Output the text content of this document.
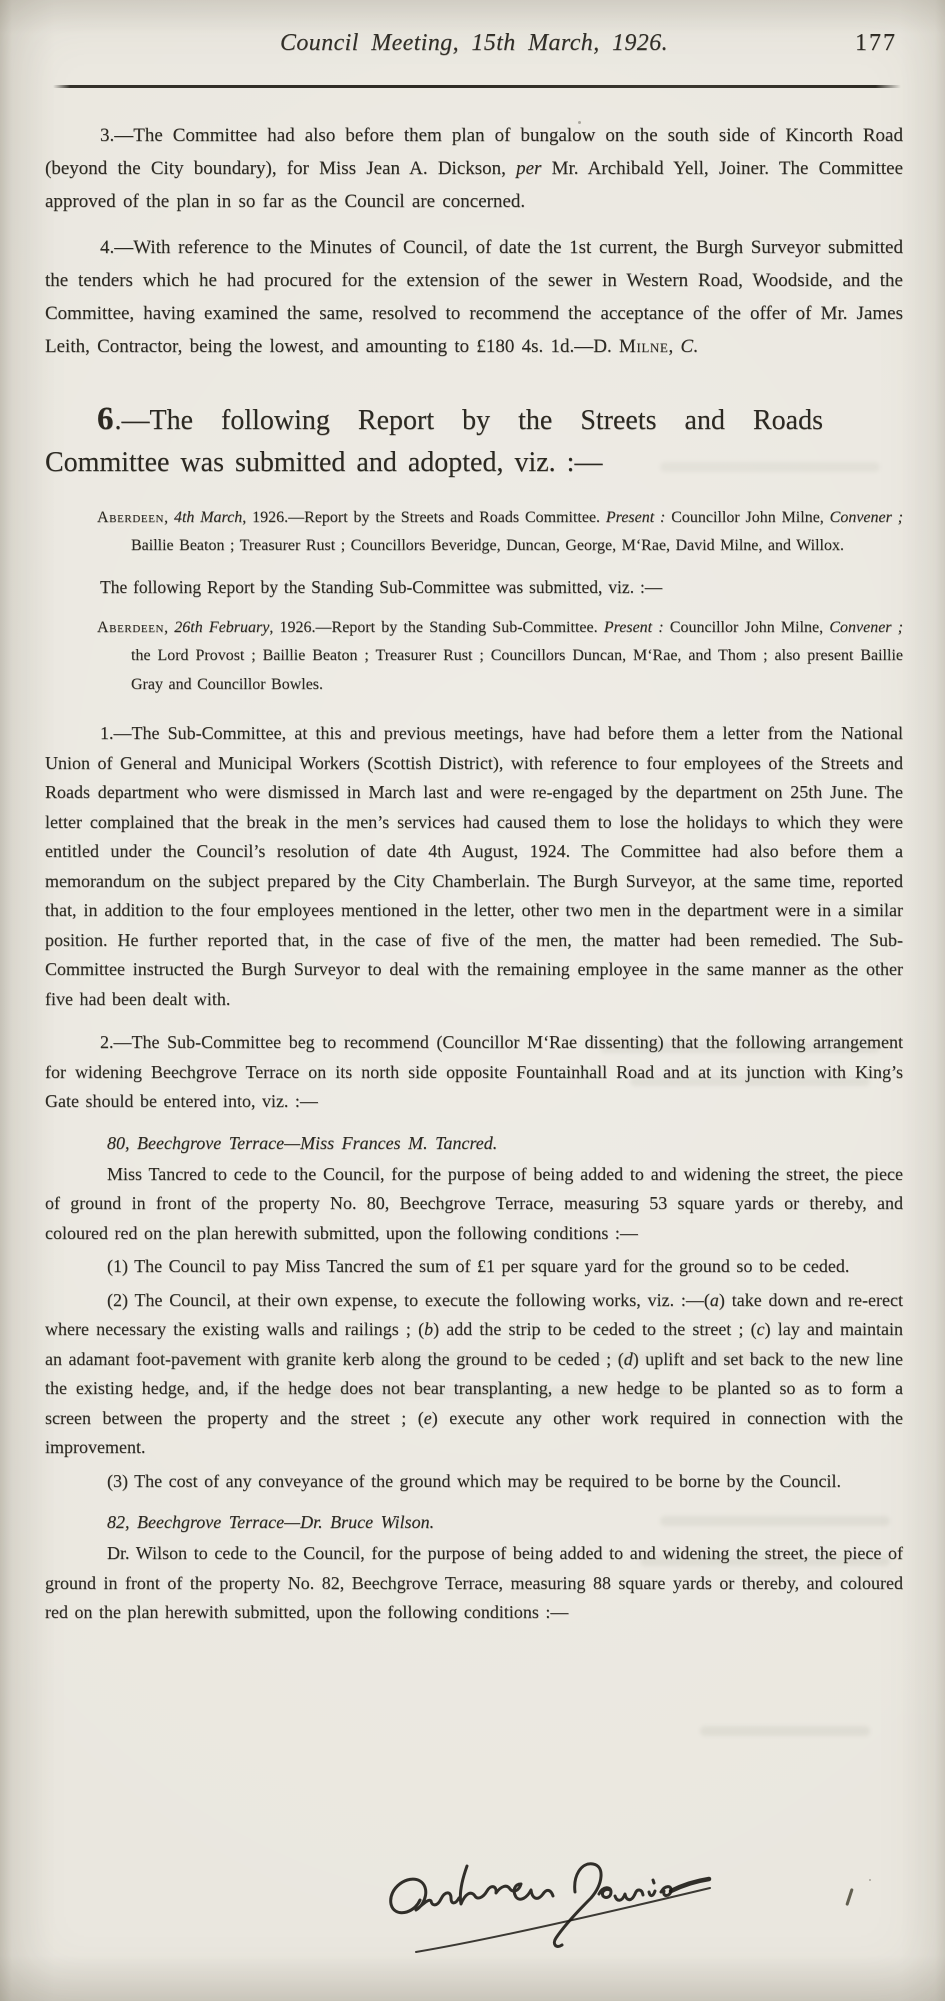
Council Meeting, 15th March, 1926.	177

3.—The Committee had also before them plan of bungalow on the south side of Kincorth Road (beyond the City boundary), for Miss Jean A. Dickson, per Mr. Archibald Yell, Joiner. The Committee approved of the plan in so far as the Council are concerned.

4.—With reference to the Minutes of Council, of date the 1st current, the Burgh Surveyor submitted the tenders which he had procured for the extension of the sewer in Western Road, Woodside, and the Committee, having examined the same, resolved to recommend the acceptance of the offer of Mr. James Leith, Contractor, being the lowest, and amounting to £180 4s. 1d.—D. Milne, C.

6.—The following Report by the Streets and Roads
Committee was submitted and adopted, viz. :—

Aberdeen, 4th March, 1926.—Report by the Streets and Roads Committee. Present : Councillor John Milne, Convener ; Baillie Beaton ; Treasurer Rust ; Councillors Beveridge, Duncan, George, M‘Rae, David Milne, and Willox.

The following Report by the Standing Sub-Committee was submitted, viz. :—

Aberdeen, 26th February, 1926.—Report by the Standing Sub-Committee. Present : Councillor John Milne, Convener ; the Lord Provost ; Baillie Beaton ; Treasurer Rust ; Councillors Duncan, M‘Rae, and Thom ; also present Baillie Gray and Councillor Bowles.

1.—The Sub-Committee, at this and previous meetings, have had before them a letter from the National Union of General and Municipal Workers (Scottish District), with reference to four employees of the Streets and Roads department who were dismissed in March last and were re-engaged by the department on 25th June. The letter complained that the break in the men’s services had caused them to lose the holidays to which they were entitled under the Council’s resolution of date 4th August, 1924. The Committee had also before them a memorandum on the subject prepared by the City Chamberlain. The Burgh Surveyor, at the same time, reported that, in addition to the four employees mentioned in the letter, other two men in the department were in a similar position. He further reported that, in the case of five of the men, the matter had been remedied. The Sub-Committee instructed the Burgh Surveyor to deal with the remaining employee in the same manner as the other five had been dealt with.

2.—The Sub-Committee beg to recommend (Councillor M‘Rae dissenting) that the following arrangement for widening Beechgrove Terrace on its north side opposite Fountainhall Road and at its junction with King’s Gate should be entered into, viz. :—

80, Beechgrove Terrace—Miss Frances M. Tancred.

Miss Tancred to cede to the Council, for the purpose of being added to and widening the street, the piece of ground in front of the property No. 80, Beechgrove Terrace, measuring 53 square yards or thereby, and coloured red on the plan herewith submitted, upon the following conditions :—

(1) The Council to pay Miss Tancred the sum of £1 per square yard for the ground so to be ceded.

(2) The Council, at their own expense, to execute the following works, viz. :—(a) take down and re-erect where necessary the existing walls and railings ; (b) add the strip to be ceded to the street ; (c) lay and maintain an adamant foot-pavement with granite kerb along the ground to be ceded ; (d) uplift and set back to the new line the existing hedge, and, if the hedge does not bear transplanting, a new hedge to be planted so as to form a screen between the property and the street ; (e) execute any other work required in connection with the improvement.

(3) The cost of any conveyance of the ground which may be required to be borne by the Council.

82, Beechgrove Terrace—Dr. Bruce Wilson.

Dr. Wilson to cede to the Council, for the purpose of being added to and widening the street, the piece of ground in front of the property No. 82, Beechgrove Terrace, measuring 88 square yards or thereby, and coloured red on the plan herewith submitted, upon the following conditions :—
